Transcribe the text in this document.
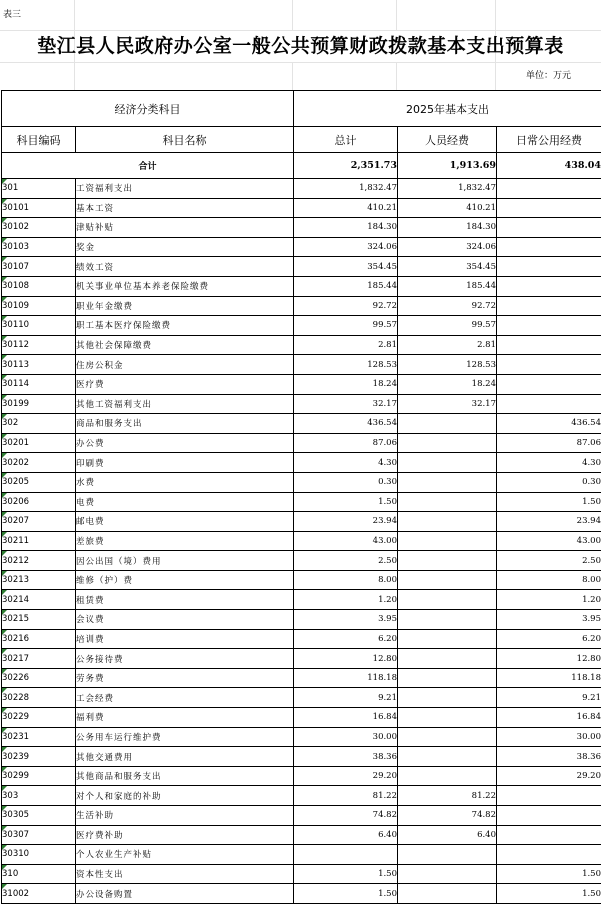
表三
垫江县人民政府办公室一般公共预算财政拨款基本支出预算表
单位：万元
经济分类科目		2025年基本支出		
科目编码	科目名称	总计	人员经费	日常公用经费
合计		2,351.73	1,913.69	438.04
301	工资福利支出	1,832.47	1,832.47	
30101	基本工资	410.21	410.21	
30102	津贴补贴	184.30	184.30	
30103	奖金	324.06	324.06	
30107	绩效工资	354.45	354.45	
30108	机关事业单位基本养老保险缴费	185.44	185.44	
30109	职业年金缴费	92.72	92.72	
30110	职工基本医疗保险缴费	99.57	99.57	
30112	其他社会保障缴费	2.81	2.81	
30113	住房公积金	128.53	128.53	
30114	医疗费	18.24	18.24	
30199	其他工资福利支出	32.17	32.17	
302	商品和服务支出	436.54		436.54
30201	办公费	87.06		87.06
30202	印刷费	4.30		4.30
30205	水费	0.30		0.30
30206	电费	1.50		1.50
30207	邮电费	23.94		23.94
30211	差旅费	43.00		43.00
30212	因公出国（境）费用	2.50		2.50
30213	维修（护）费	8.00		8.00
30214	租赁费	1.20		1.20
30215	会议费	3.95		3.95
30216	培训费	6.20		6.20
30217	公务接待费	12.80		12.80
30226	劳务费	118.18		118.18
30228	工会经费	9.21		9.21
30229	福利费	16.84		16.84
30231	公务用车运行维护费	30.00		30.00
30239	其他交通费用	38.36		38.36
30299	其他商品和服务支出	29.20		29.20
303	对个人和家庭的补助	81.22	81.22	
30305	生活补助	74.82	74.82	
30307	医疗费补助	6.40	6.40	
30310	个人农业生产补贴			
310	资本性支出	1.50		1.50
31002	办公设备购置	1.50		1.50
